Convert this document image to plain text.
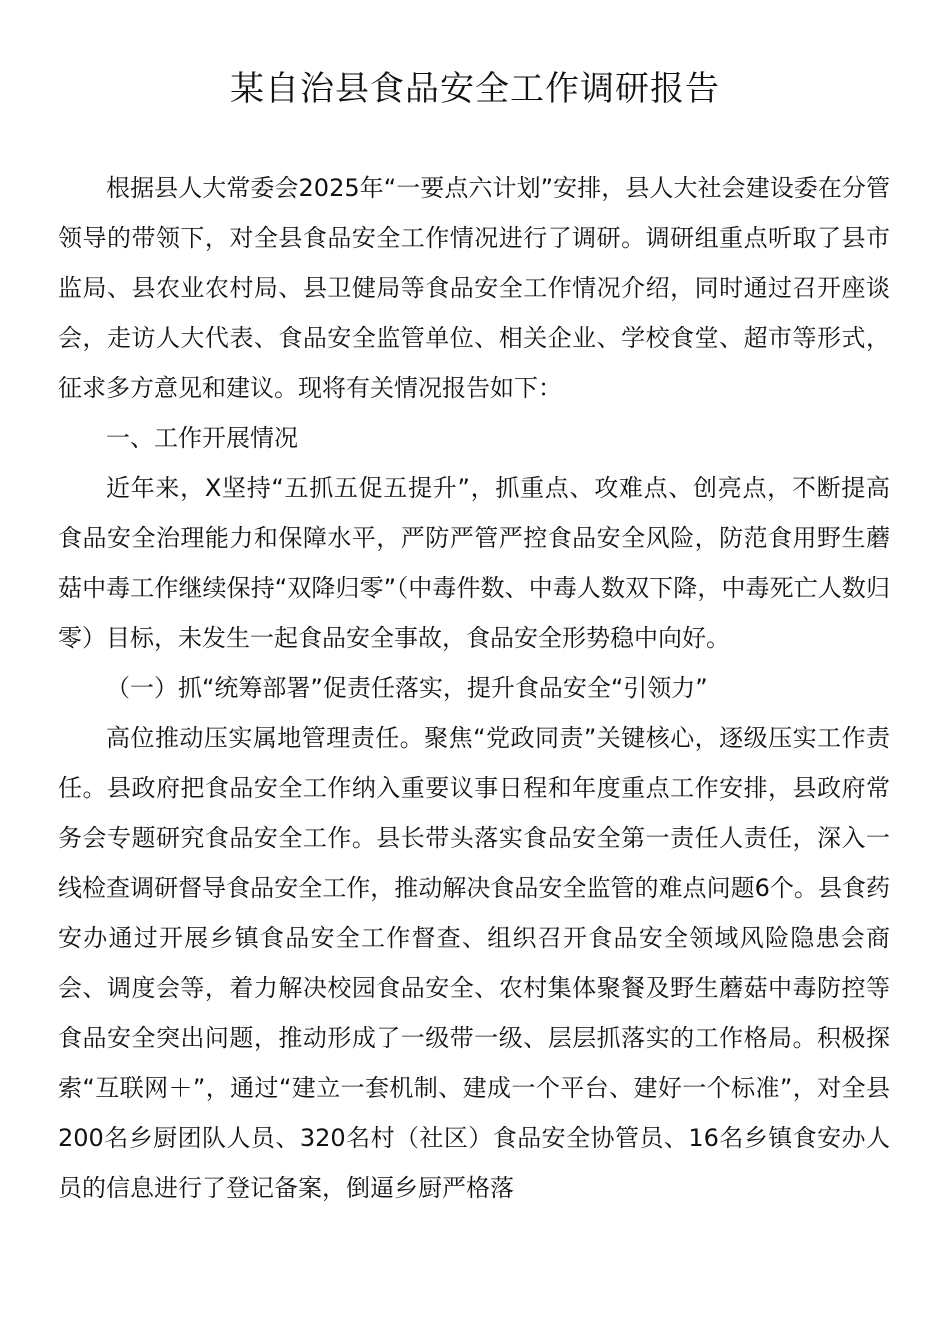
某自治县食品安全工作调研报告

根据县人大常委会2025年“一要点六计划”安排，县人大社会建设委在分管领导的带领下，对全县食品安全工作情况进行了调研。调研组重点听取了县市监局、县农业农村局、县卫健局等食品安全工作情况介绍，同时通过召开座谈会，走访人大代表、食品安全监管单位、相关企业、学校食堂、超市等形式，征求多方意见和建议。现将有关情况报告如下：

一、工作开展情况

近年来，X坚持“五抓五促五提升”，抓重点、攻难点、创亮点，不断提高食品安全治理能力和保障水平，严防严管严控食品安全风险，防范食用野生蘑菇中毒工作继续保持“双降归零”（中毒件数、中毒人数双下降，中毒死亡人数归零）目标，未发生一起食品安全事故，食品安全形势稳中向好。

（一）抓“统筹部署”促责任落实，提升食品安全“引领力”

高位推动压实属地管理责任。聚焦“党政同责”关键核心，逐级压实工作责任。县政府把食品安全工作纳入重要议事日程和年度重点工作安排，县政府常务会专题研究食品安全工作。县长带头落实食品安全第一责任人责任，深入一线检查调研督导食品安全工作，推动解决食品安全监管的难点问题6个。县食药安办通过开展乡镇食品安全工作督查、组织召开食品安全领域风险隐患会商会、调度会等，着力解决校园食品安全、农村集体聚餐及野生蘑菇中毒防控等食品安全突出问题，推动形成了一级带一级、层层抓落实的工作格局。积极探索“互联网＋”，通过“建立一套机制、建成一个平台、建好一个标准”，对全县200名乡厨团队人员、320名村（社区）食品安全协管员、16名乡镇食安办人员的信息进行了登记备案，倒逼乡厨严格落
